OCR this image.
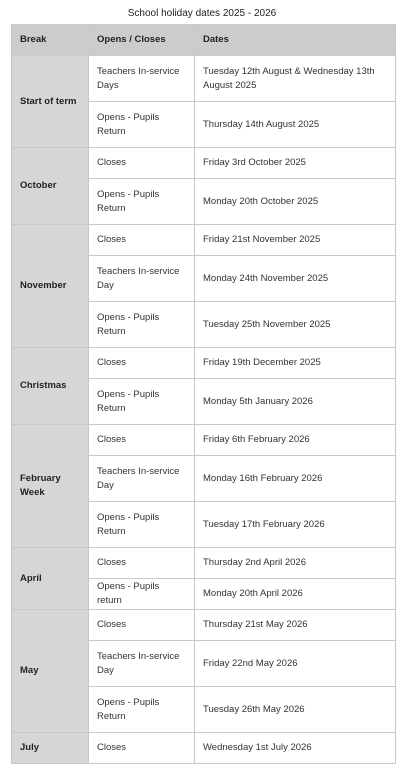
School holiday dates 2025 - 2026
Break	Opens / Closes	Dates
Start of term	Teachers In-service Days	Tuesday 12th August & Wednesday 13th August 2025
	Opens - Pupils Return	Thursday 14th August 2025
October	Closes	Friday 3rd October 2025
	Opens - Pupils Return	Monday 20th October 2025
November	Closes	Friday 21st November 2025
	Teachers In-service Day	Monday 24th November 2025
	Opens - Pupils Return	Tuesday 25th November 2025
Christmas	Closes	Friday 19th December 2025
	Opens - Pupils Return	Monday 5th January 2026
February Week	Closes	Friday 6th February 2026
	Teachers In-service Day	Monday 16th February 2026
	Opens - Pupils Return	Tuesday 17th February 2026
April	Closes	Thursday 2nd April 2026
	Opens - Pupils return	Monday 20th April 2026
May	Closes	Thursday 21st May 2026
	Teachers In-service Day	Friday 22nd May 2026
	Opens - Pupils Return	Tuesday 26th May 2026
July	Closes	Wednesday 1st July 2026
